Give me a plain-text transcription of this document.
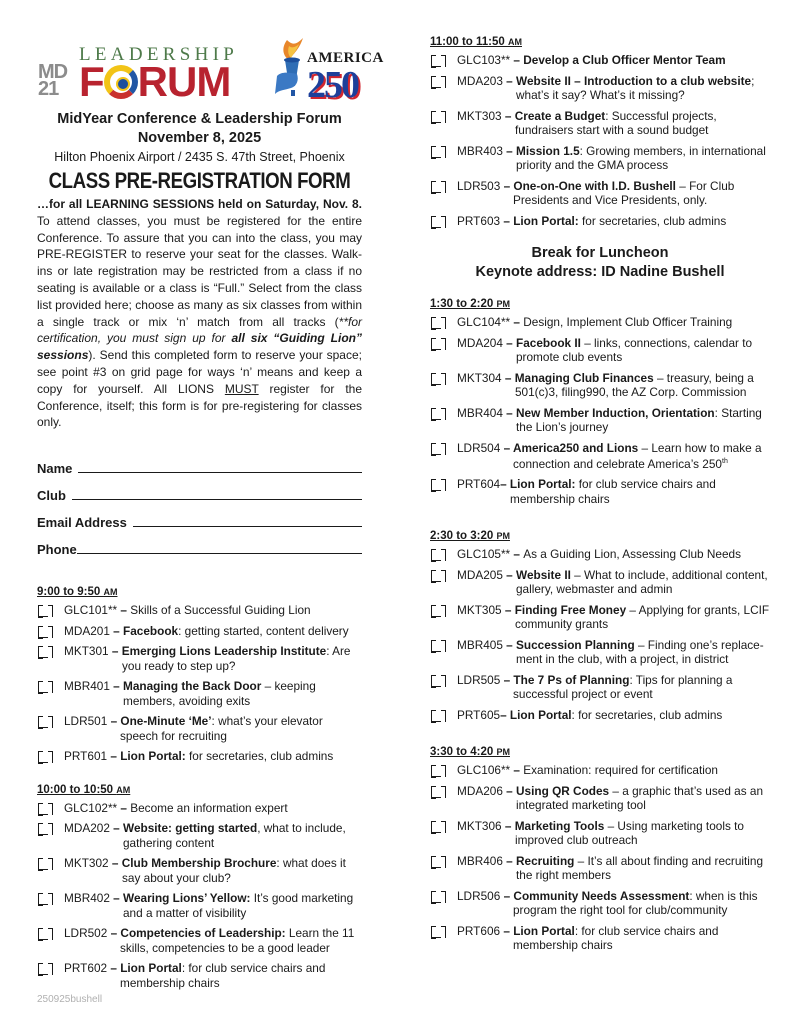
MD
21
LEADERSHIP
F RUM	AMERICA
250
MidYear Conference & Leadership Forum
November 8, 2025
Hilton Phoenix Airport / 2435 S. 47th Street, Phoenix
CLASS PRE-REGISTRATION FORM

…for all LEARNING SESSIONS held on Saturday, Nov. 8. To attend classes, you must be registered for the entire Conference. To assure that you can into the class, you may PRE-REGISTER to reserve your seat for the classes. Walk-ins or late registration may be restricted from a class if no seating is available or a class is “Full.” Select from the class list provided here; choose as many as six classes from within a single track or mix ‘n’ match from all tracks (**for certification, you must sign up for all six “Guiding Lion” sessions). Send this completed form to reserve your space; see point #3 on grid page for ways ‘n’ means and keep a copy for yourself. All LIONS MUST register for the Conference, itself; this form is for pre-registering for classes only.

Name
Club
Email Address
Phone
9:00 to 9:50 AM
GLC101** – Skills of a Successful Guiding Lion
MDA201 – Facebook: getting started, content delivery
MKT301 – Emerging Lions Leadership Institute: Are you ready to step up?
MBR401 – Managing the Back Door – keeping members, avoiding exits
LDR501 – One-Minute ‘Me’: what’s your elevator speech for recruiting
PRT601 – Lion Portal: for secretaries, club admins
10:00 to 10:50 AM
GLC102** – Become an information expert
MDA202 – Website: getting started, what to include, gathering content
MKT302 – Club Membership Brochure: what does it say about your club?
MBR402 – Wearing Lions’ Yellow: It’s good marketing and a matter of visibility
LDR502 – Competencies of Leadership: Learn the 11 skills, competencies to be a good leader
PRT602 – Lion Portal: for club service chairs and membership chairs
11:00 to 11:50 AM
GLC103** – Develop a Club Officer Mentor Team
MDA203 – Website II – Introduction to a club website; what’s it say? What’s it missing?
MKT303 – Create a Budget: Successful projects, fundraisers start with a sound budget
MBR403 – Mission 1.5: Growing members, in international priority and the GMA process
LDR503 – One-on-One with I.D. Bushell – For Club Presidents and Vice Presidents, only.
PRT603 – Lion Portal: for secretaries, club admins
Break for Luncheon
Keynote address: ID Nadine Bushell
1:30 to 2:20 PM
GLC104** – Design, Implement Club Officer Training
MDA204 – Facebook II – links, connections, calendar to promote club events
MKT304 – Managing Club Finances – treasury, being a 501(c)3, filing990, the AZ Corp. Commission
MBR404 – New Member Induction, Orientation: Starting the Lion’s journey
LDR504 – America250 and Lions – Learn how to make a connection and celebrate America’s 250th
PRT604– Lion Portal: for club service chairs and membership chairs
2:30 to 3:20 PM
GLC105** – As a Guiding Lion, Assessing Club Needs
MDA205 – Website II – What to include, additional content, gallery, webmaster and admin
MKT305 – Finding Free Money – Applying for grants, LCIF community grants
MBR405 – Succession Planning – Finding one’s replace-ment in the club, with a project, in district
LDR505 – The 7 Ps of Planning: Tips for planning a successful project or event
PRT605– Lion Portal: for secretaries, club admins
3:30 to 4:20 PM
GLC106** – Examination: required for certification
MDA206 – Using QR Codes – a graphic that’s used as an integrated marketing tool
MKT306 – Marketing Tools – Using marketing tools to improved club outreach
MBR406 – Recruiting – It’s all about finding and recruiting the right members
LDR506 – Community Needs Assessment: when is this program the right tool for club/community
PRT606 – Lion Portal: for club service chairs and membership chairs
250925bushell
